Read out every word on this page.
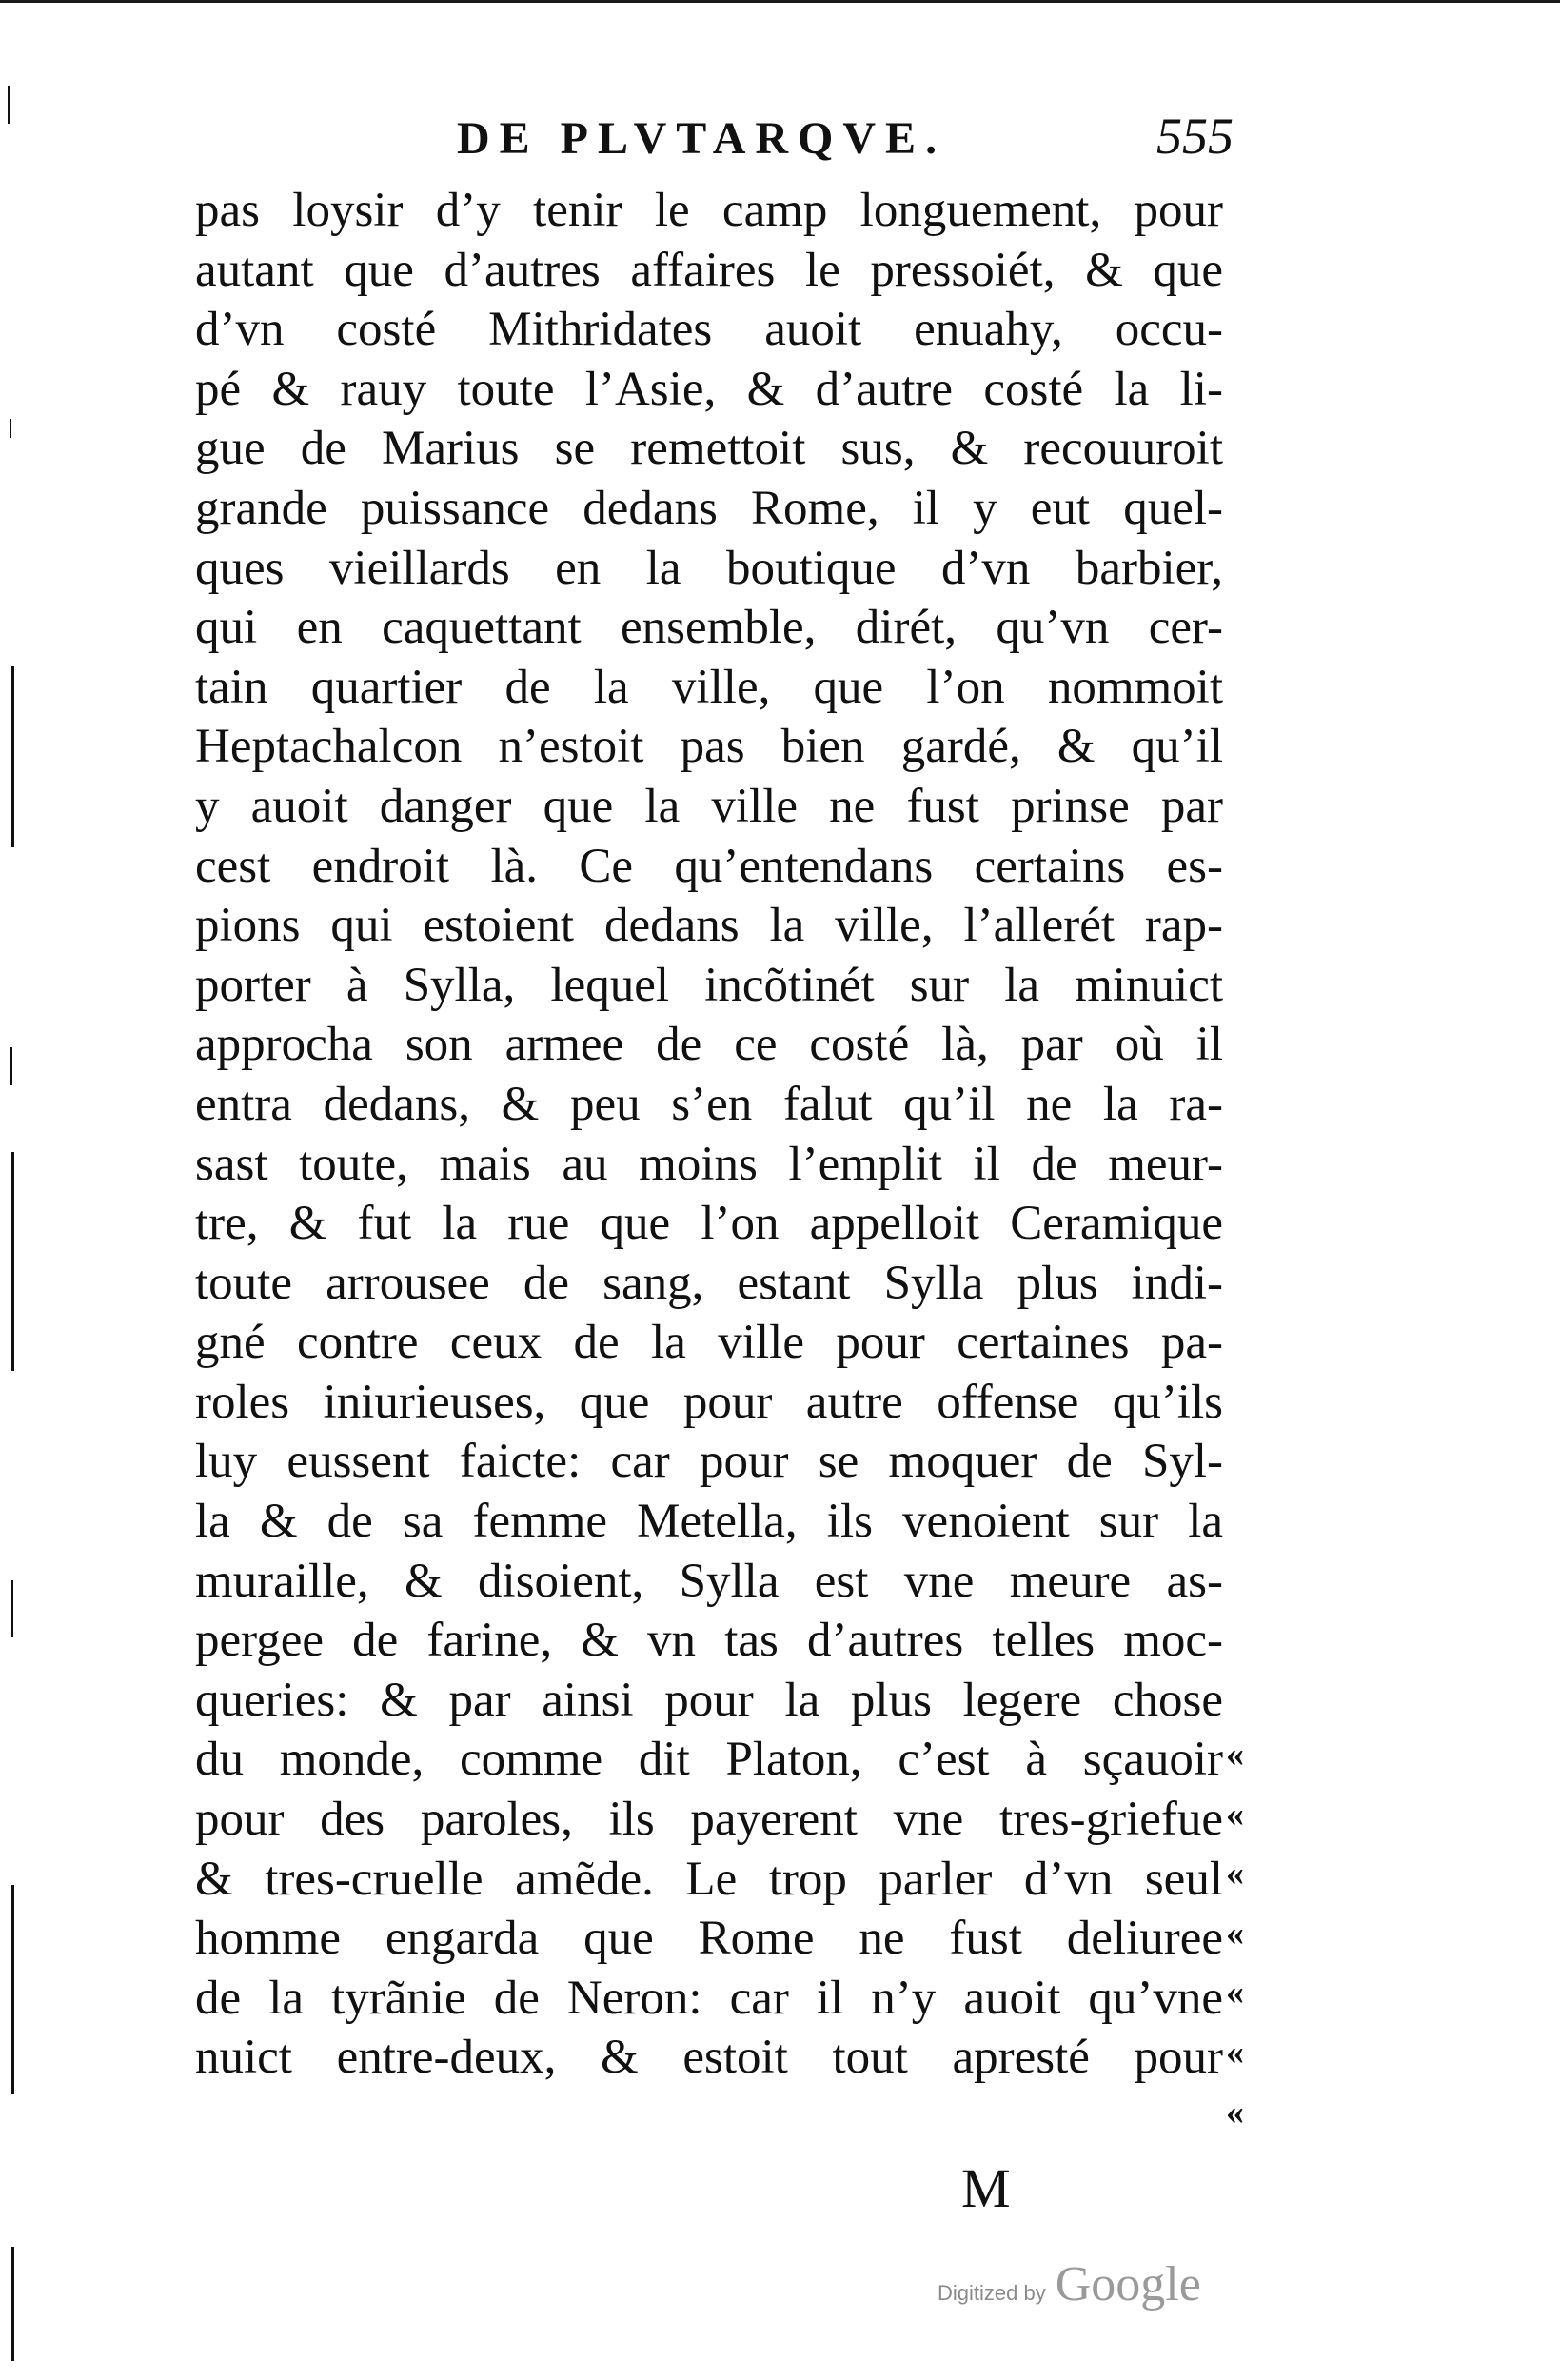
DE PLVTARQVE.	555
pas loysir d’y tenir le camp longuement, pour
autant que d’autres affaires le pressoiét, & que
d’vn costé Mithridates auoit enuahy, occu-
pé & rauy toute l’Asie, & d’autre costé la li-
gue de Marius se remettoit sus, & recouuroit
grande puissance dedans Rome, il y eut quel-
ques vieillards en la boutique d’vn barbier,
qui en caquettant ensemble, dirét, qu’vn cer-
tain quartier de la ville, que l’on nommoit
Heptachalcon n’estoit pas bien gardé, & qu’il
y auoit danger que la ville ne fust prinse par
cest endroit là. Ce qu’entendans certains es-
pions qui estoient dedans la ville, l’allerét rap-
porter à Sylla, lequel incõtinét sur la minuict
approcha son armee de ce costé là, par où il
entra dedans, & peu s’en falut qu’il ne la ra-
sast toute, mais au moins l’emplit il de meur-
tre, & fut la rue que l’on appelloit Ceramique
toute arrousee de sang, estant Sylla plus indi-
gné contre ceux de la ville pour certaines pa-
roles iniurieuses, que pour autre offense qu’ils
luy eussent faicte: car pour se moquer de Syl-
la & de sa femme Metella, ils venoient sur la
muraille, & disoient, Sylla est vne meure as-
pergee de farine, & vn tas d’autres telles moc-
queries: & par ainsi pour la plus legere chose
du monde, comme dit Platon, c’est à sçauoir
pour des paroles, ils payerent vne tres-griefue
& tres-cruelle amẽde. Le trop parler d’vn seul
homme engarda que Rome ne fust deliuree
de la tyrãnie de Neron: car il n’y auoit qu’vne
nuict entre-deux, & estoit tout apresté pour
«
«
«
«
«
«
«
M
Digitized by Google
